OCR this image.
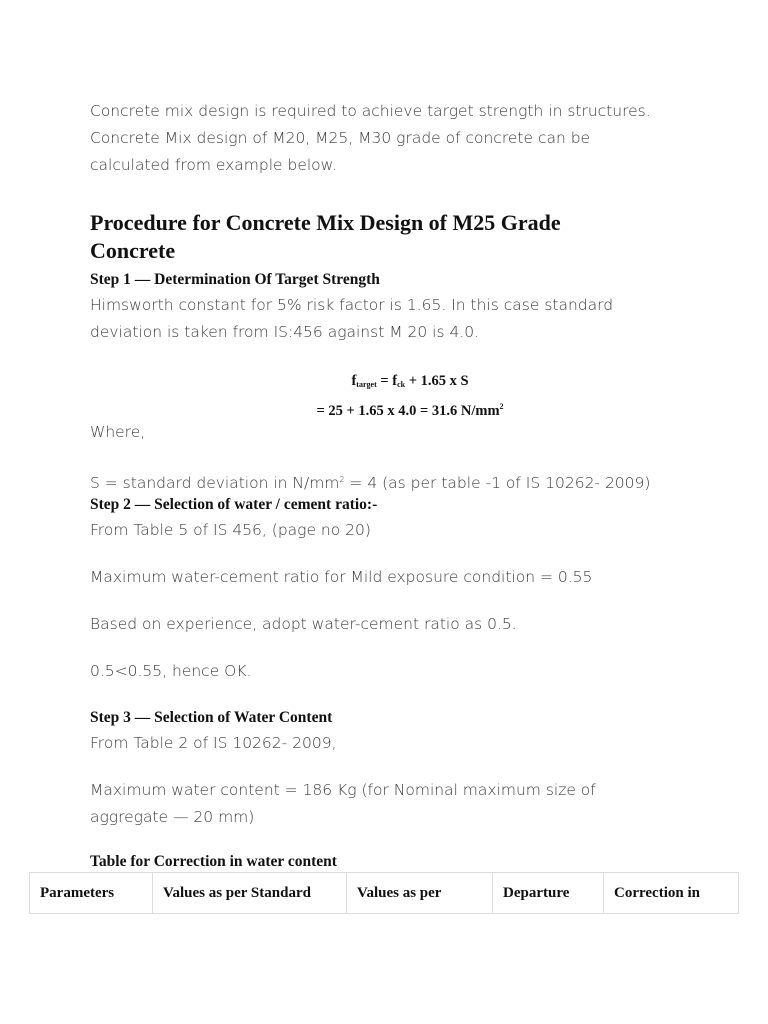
Concrete mix design is required to achieve target strength in structures.
Concrete Mix design of M20, M25, M30 grade of concrete can be
calculated from example below.

Procedure for Concrete Mix Design of M25 Grade
Concrete
Step 1 — Determination Of Target Strength

Himsworth constant for 5% risk factor is 1.65. In this case standard
deviation is taken from IS:456 against M 20 is 4.0.

$f_{target} = f_{ck} + 1.65$ x S

= 25 + 1.65 x 4.0 = 31.6 $N/mm^2$

Where,

S = standard deviation in $N/mm^2 = 4$ (as per table -1 of IS 10262- 2009)

Step 2 — Selection of water / cement ratio:-

From Table 5 of IS 456, (page no 20)

Maximum water-cement ratio for Mild exposure condition = 0.55

Based on experience, adopt water-cement ratio as 0.5.

0.5<0.55, hence OK.

Step 3 — Selection of Water Content

From Table 2 of IS 10262- 2009,

Maximum water content = 186 Kg (for Nominal maximum size of
aggregate — 20 mm)

Table for Correction in water content
Parameters	Values as per Standard	Values as per	Departure	Correction in
